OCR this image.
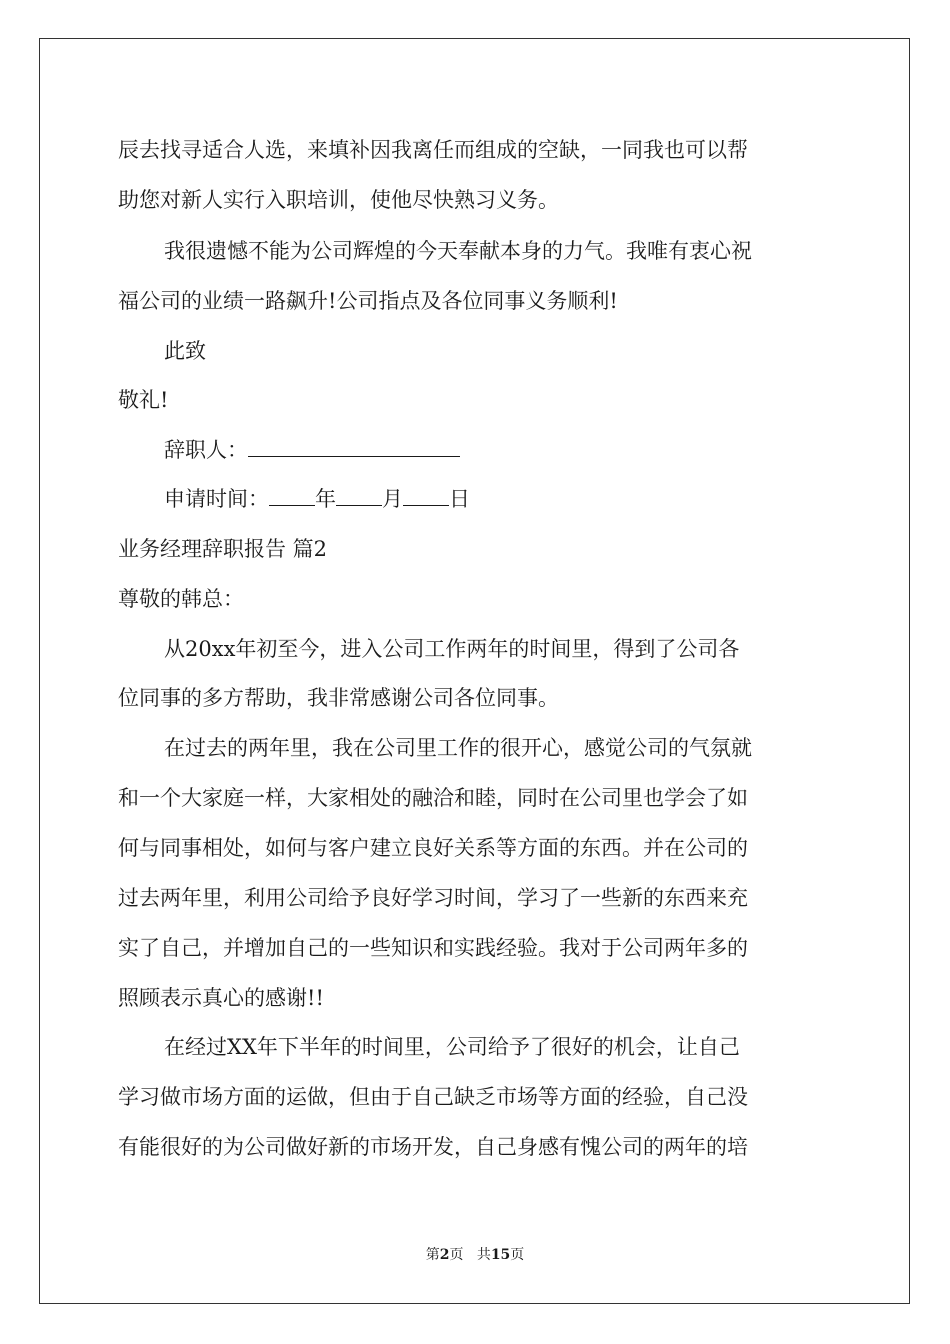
辰去找寻适合人选，来填补因我离任而组成的空缺，一同我也可以帮
助您对新人实行入职培训，使他尽快熟习义务。
我很遗憾不能为公司辉煌的今天奉献本身的力气。我唯有衷心祝
福公司的业绩一路飙升!公司指点及各位同事义务顺利!
此致
敬礼!
辞职人：
申请时间： 年 月 日
业务经理辞职报告 篇2
尊敬的韩总：
从20xx年初至今，进入公司工作两年的时间里，得到了公司各
位同事的多方帮助，我非常感谢公司各位同事。
在过去的两年里，我在公司里工作的很开心，感觉公司的气氛就
和一个大家庭一样，大家相处的融洽和睦，同时在公司里也学会了如
何与同事相处，如何与客户建立良好关系等方面的东西。并在公司的
过去两年里，利用公司给予良好学习时间，学习了一些新的东西来充
实了自己，并增加自己的一些知识和实践经验。我对于公司两年多的
照顾表示真心的感谢!!
在经过XX年下半年的时间里，公司给予了很好的机会，让自己
学习做市场方面的运做，但由于自己缺乏市场等方面的经验，自己没
有能很好的为公司做好新的市场开发，自己身感有愧公司的两年的培
第2页 共15页
